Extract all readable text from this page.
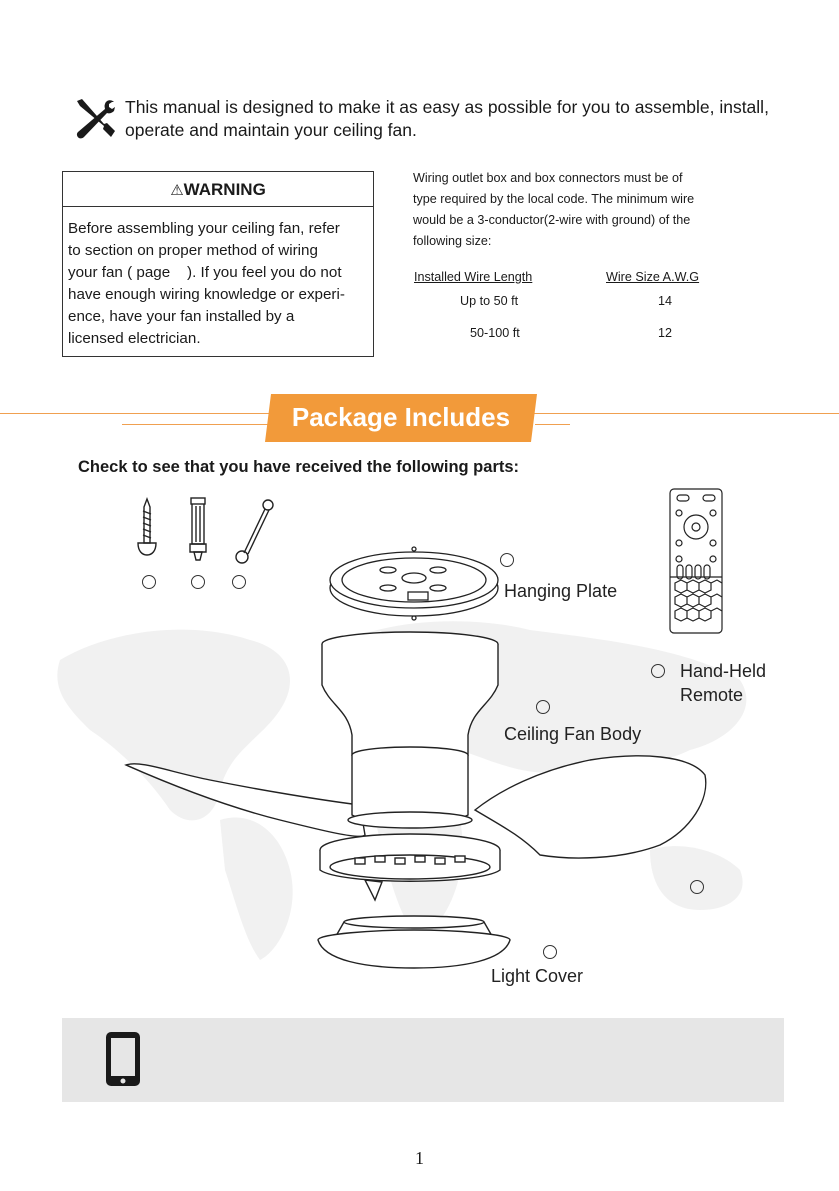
This manual is designed to make it as easy as possible for you to assemble, install,
operate and maintain your ceiling fan.
⚠WARNING
Before assembling your ceiling fan, refer
to section on proper method of wiring
your fan ( page    ). If you feel you do not
have enough wiring knowledge or experi-
ence, have your fan installed by a
licensed electrician.
Wiring outlet box and box connectors must be of
type required by the local code. The minimum wire
would be a 3-conductor(2-wire with ground) of the
following size:
Installed Wire Length	Wire Size A.W.G
Up to 50 ft	14
50-100 ft	12
Package Includes
Check to see that you have received the following parts:
Hanging Plate
Ceiling Fan Body
Hand-Held
Remote
Light Cover
1
